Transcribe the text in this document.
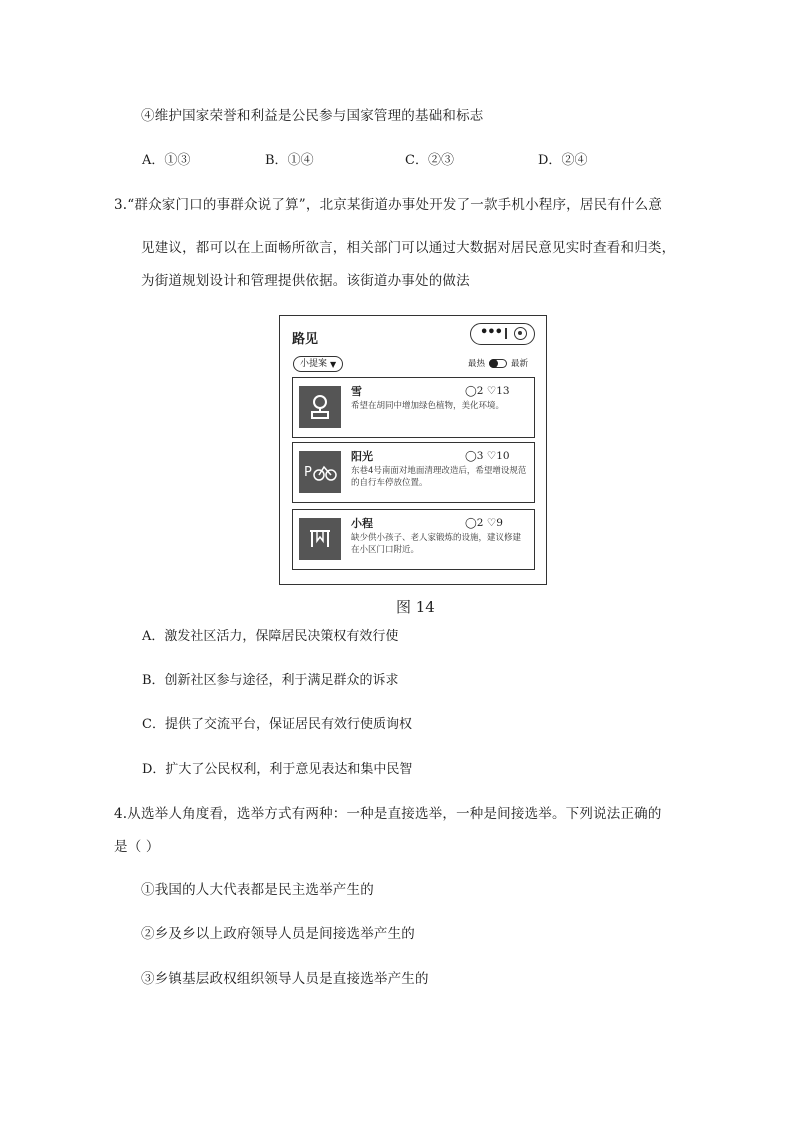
④维护国家荣誉和利益是公民参与国家管理的基础和标志
A．①③	B．①④	C．②③	D．②④
3.“群众家门口的事群众说了算”，北京某街道办事处开发了一款手机小程序，居民有什么意
见建议，都可以在上面畅所欲言，相关部门可以通过大数据对居民意见实时查看和归类，
为街道规划设计和管理提供依据。该街道办事处的做法
路见	•••
小提案 ▼	最热	最新
雪	◯2 ♡13
希望在胡同中增加绿色植物，美化环境。
P
阳光	◯3 ♡10
东巷4号南面对地面清理改造后，希望增设规范的自行车停放位置。
小程	◯2 ♡9
缺少供小孩子、老人家锻炼的设施，建议修建在小区门口附近。
图 14
A．激发社区活力，保障居民决策权有效行使
B．创新社区参与途径，利于满足群众的诉求
C．提供了交流平台，保证居民有效行使质询权
D．扩大了公民权利，利于意见表达和集中民智
4.从选举人角度看，选举方式有两种：一种是直接选举，一种是间接选举。下列说法正确的
是（ ）
①我国的人大代表都是民主选举产生的
②乡及乡以上政府领导人员是间接选举产生的
③乡镇基层政权组织领导人员是直接选举产生的
